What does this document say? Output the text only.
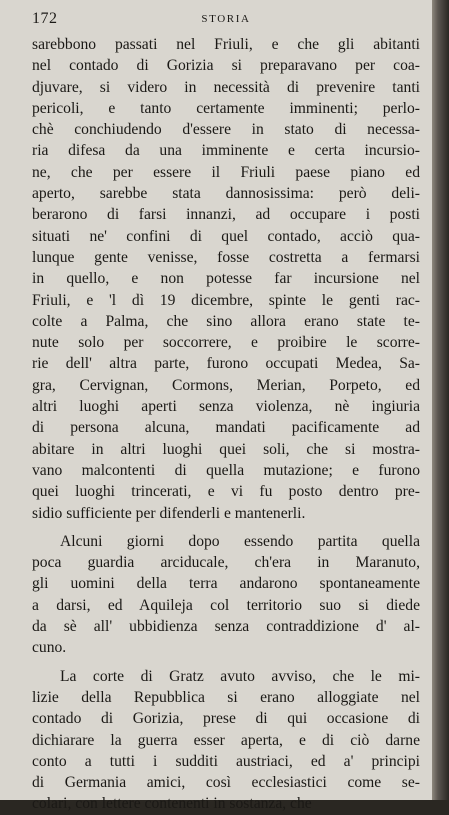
172	STORIA
sarebbono passati nel Friuli, e che gli abitanti
nel contado di Gorizia si preparavano per coa-
djuvare, si videro in necessità di prevenire tanti
pericoli, e tanto certamente imminenti; perlo-
chè conchiudendo d'essere in stato di necessa-
ria difesa da una imminente e certa incursio-
ne, che per essere il Friuli paese piano ed
aperto, sarebbe stata dannosissima: però deli-
berarono di farsi innanzi, ad occupare i posti
situati ne' confini di quel contado, acciò qua-
lunque gente venisse, fosse costretta a fermarsi
in quello, e non potesse far incursione nel
Friuli, e 'l dì 19 dicembre, spinte le genti rac-
colte a Palma, che sino allora erano state te-
nute solo per soccorrere, e proibire le scorre-
rie dell' altra parte, furono occupati Medea, Sa-
gra, Cervignan, Cormons, Merian, Porpeto, ed
altri luoghi aperti senza violenza, nè ingiuria
di persona alcuna, mandati pacificamente ad
abitare in altri luoghi quei soli, che si mostra-
vano malcontenti di quella mutazione; e furono
quei luoghi trincerati, e vi fu posto dentro pre-
sidio sufficiente per difenderli e mantenerli.
Alcuni giorni dopo essendo partita quella
poca guardia arciducale, ch'era in Maranuto,
gli uomini della terra andarono spontaneamente
a darsi, ed Aquileja col territorio suo si diede
da sè all' ubbidienza senza contraddizione d' al-
cuno.
La corte di Gratz avuto avviso, che le mi-
lizie della Repubblica si erano alloggiate nel
contado di Gorizia, prese di qui occasione di
dichiarare la guerra esser aperta, e di ciò darne
conto a tutti i sudditi austriaci, ed a' principi
di Germania amici, così ecclesiastici come se-
colari, con lettere contenenti in sostanza, che
